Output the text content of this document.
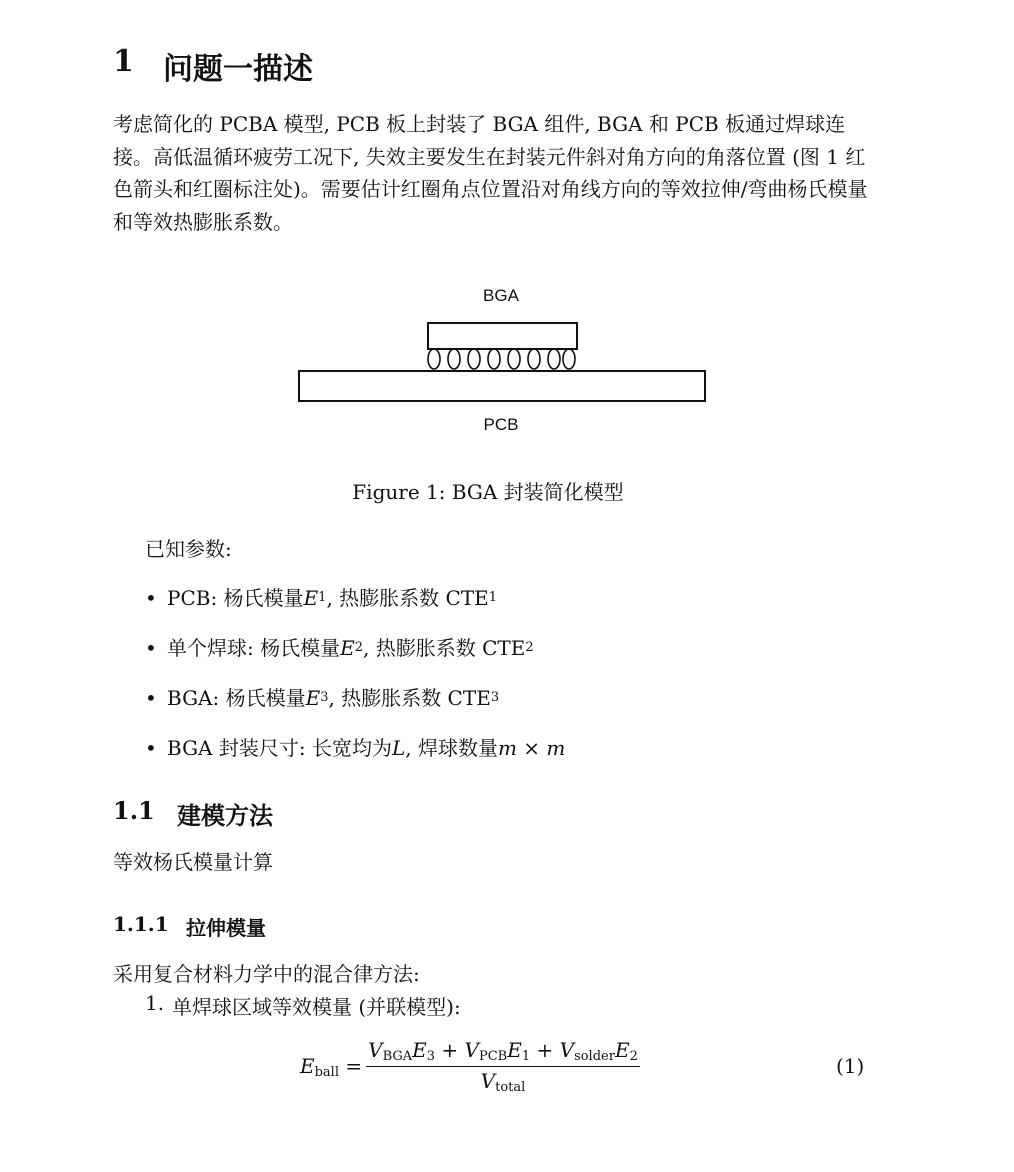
1 问题一描述
考虑简化的 PCBA 模型, PCB 板上封装了 BGA 组件, BGA 和 PCB 板通过焊球连接。高低温循环疲劳工况下, 失效主要发生在封装元件斜对角方向的角落位置 (图 1 红色箭头和红圈标注处)。需要估计红圈角点位置沿对角线方向的等效拉伸/弯曲杨氏模量和等效热膨胀系数。
BGA
PCB
Figure 1: BGA 封装简化模型
已知参数:
• PCB: 杨氏模量 E 1 , 热膨胀系数 CTE 1
• 单个焊球: 杨氏模量 E 2 , 热膨胀系数 CTE 2
• BGA: 杨氏模量 E 3 , 热膨胀系数 CTE 3
• BGA 封装尺寸: 长宽均为 L , 焊球数量 m
×
m
1.1 建模方法
等效杨氏模量计算
1.1.1 拉伸模量
采用复合材料力学中的混合律方法:
1. 单焊球区域等效模量 (并联模型):
$E_{ball}$ =	$V_{BGA}E_3 + V_{PCB}E_1 + V_{solder}E_2$
$V_{total}$
(1)
